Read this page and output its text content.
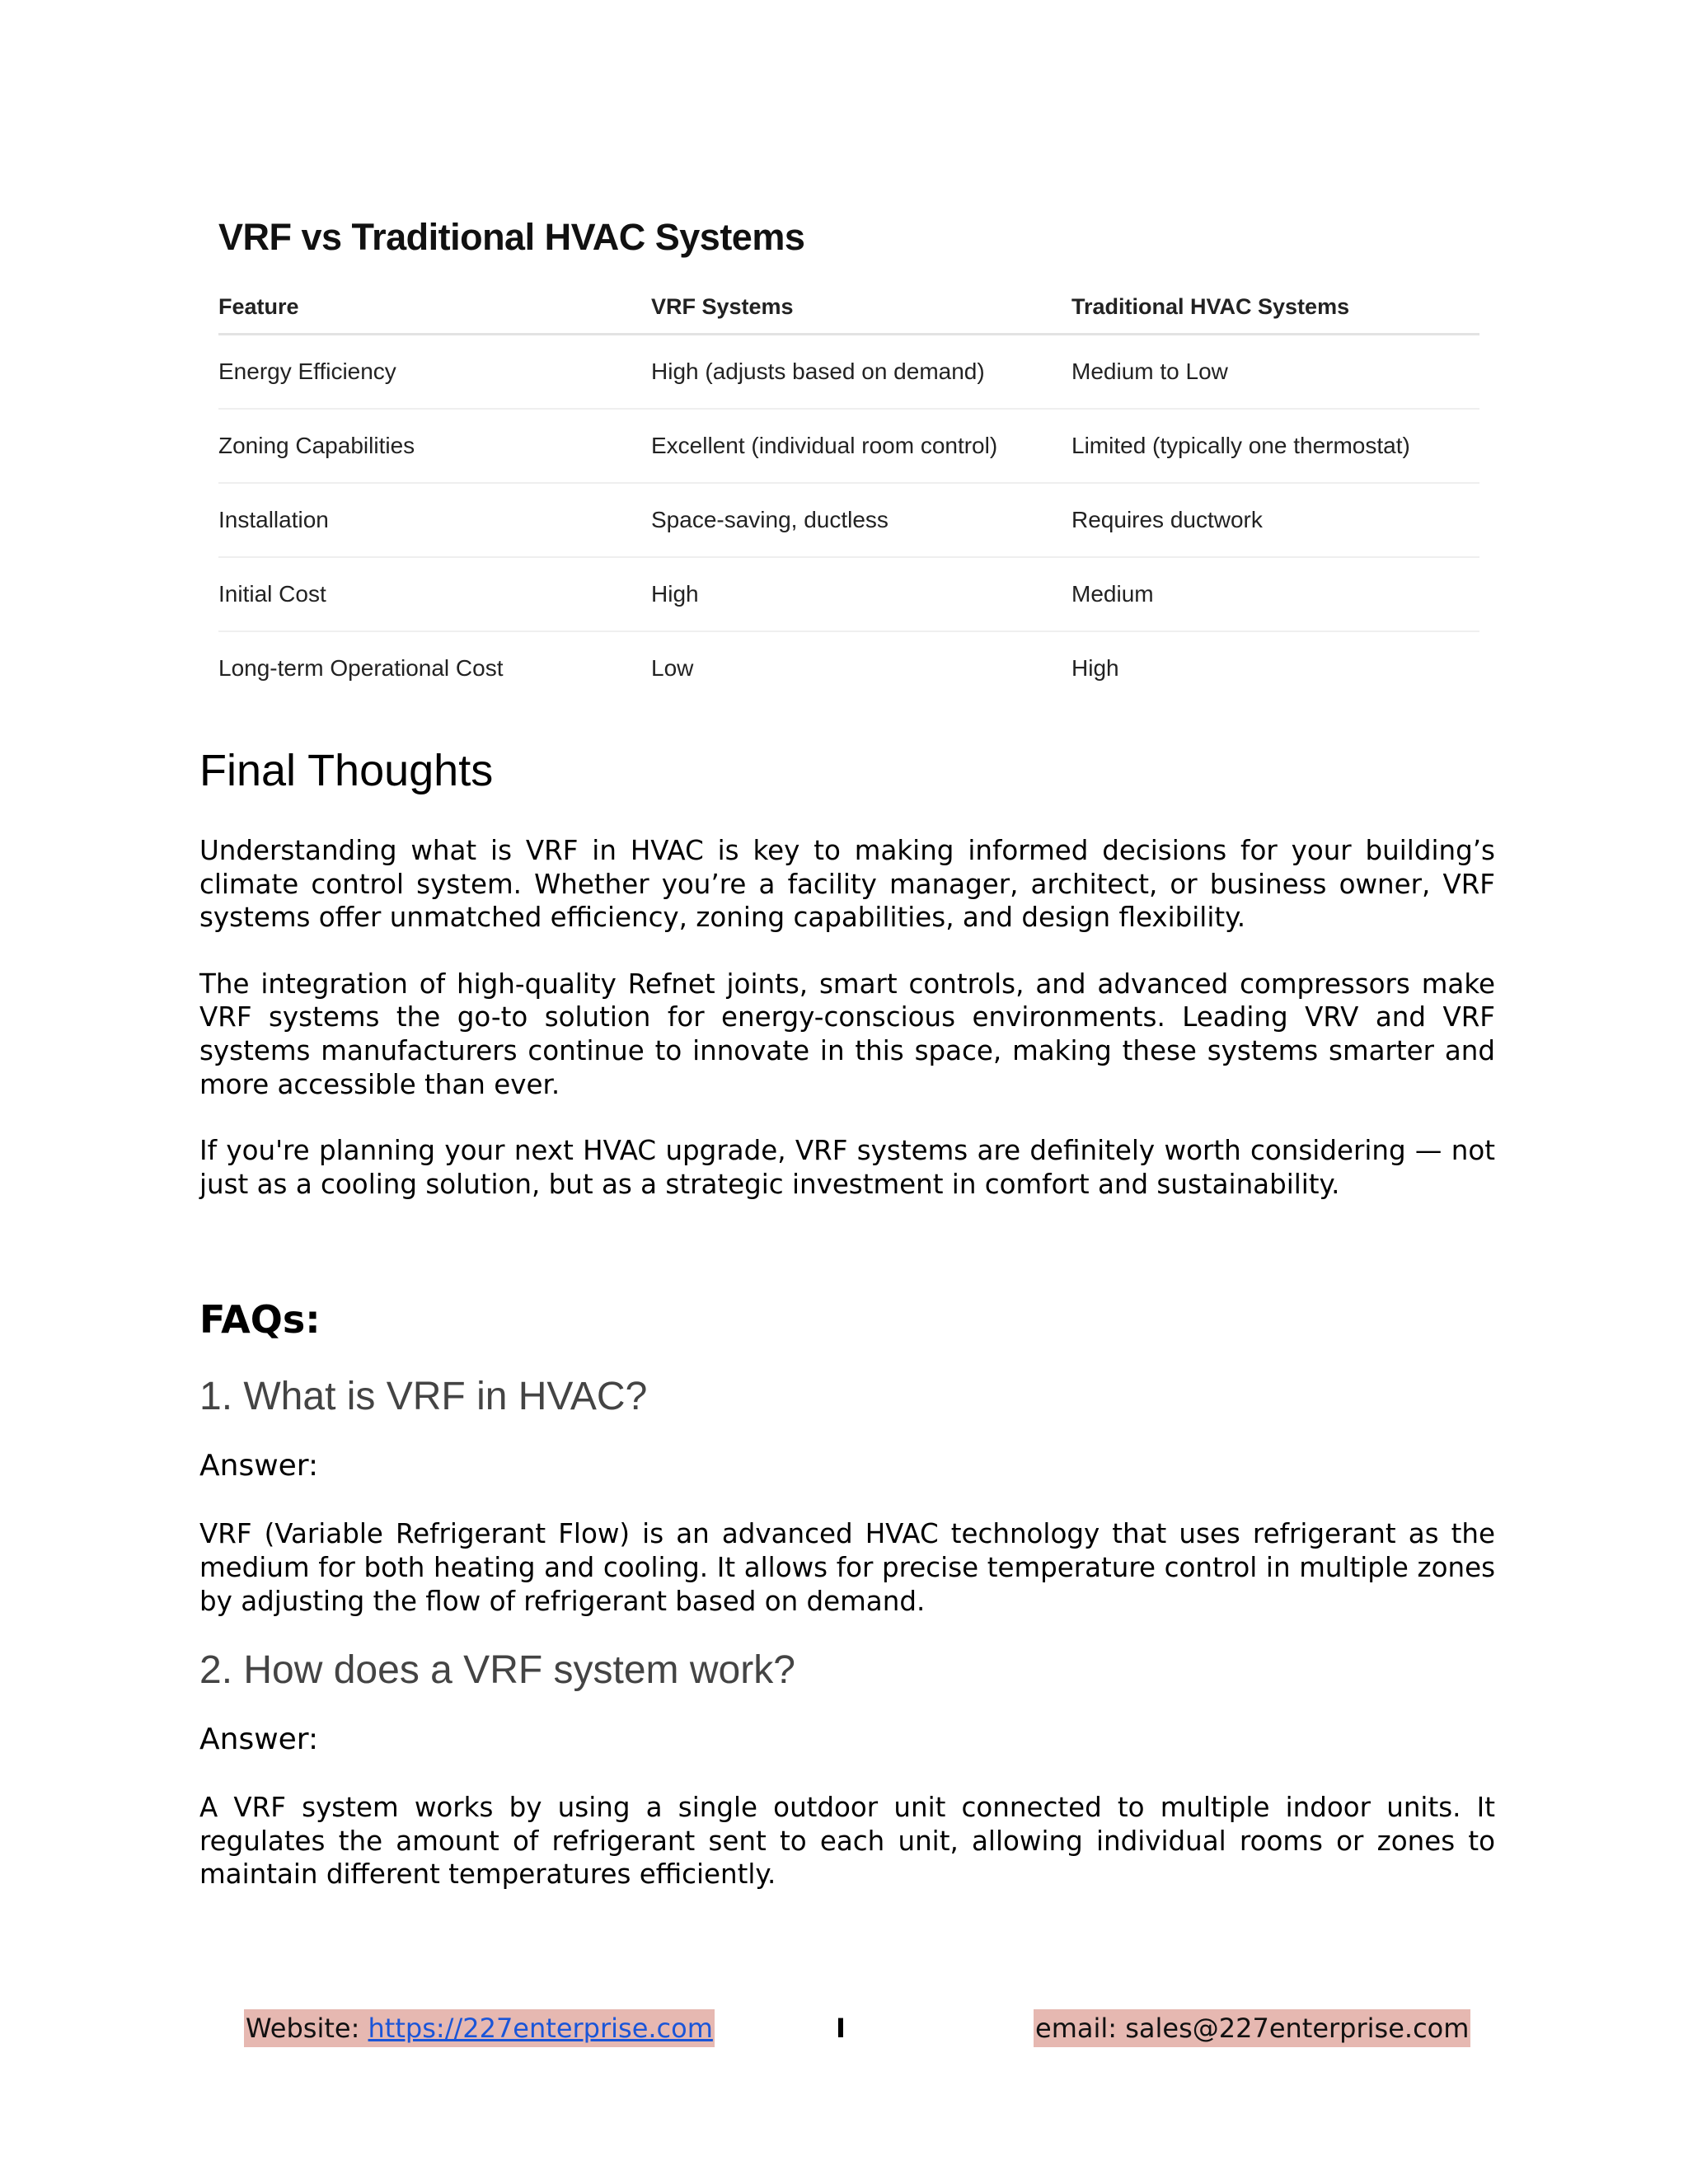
VRF vs Traditional HVAC Systems
Feature	VRF Systems	Traditional HVAC Systems
Energy Efficiency	High (adjusts based on demand)	Medium to Low
Zoning Capabilities	Excellent (individual room control)	Limited (typically one thermostat)
Installation	Space-saving, ductless	Requires ductwork
Initial Cost	High	Medium
Long-term Operational Cost	Low	High
Final Thoughts

Understanding what is VRF in HVAC is key to making informed decisions for your building’s climate control system. Whether you’re a facility manager, architect, or business owner, VRF systems offer unmatched efficiency, zoning capabilities, and design flexibility.

The integration of high-quality Refnet joints, smart controls, and advanced compressors make VRF systems the go-to solution for energy-conscious environments. Leading VRV and VRF systems manufacturers continue to innovate in this space, making these systems smarter and more accessible than ever.

If you're planning your next HVAC upgrade, VRF systems are definitely worth considering — not just as a cooling solution, but as a strategic investment in comfort and sustainability.

FAQs:
1. What is VRF in HVAC?
Answer:

VRF (Variable Refrigerant Flow) is an advanced HVAC technology that uses refrigerant as the medium for both heating and cooling. It allows for precise temperature control in multiple zones by adjusting the flow of refrigerant based on demand.

2. How does a VRF system work?
Answer:

A VRF system works by using a single outdoor unit connected to multiple indoor units. It regulates the amount of refrigerant sent to each unit, allowing individual rooms or zones to maintain different temperatures efficiently.

Website: https://227enterprise.com	I	email: sales@227enterprise.com
